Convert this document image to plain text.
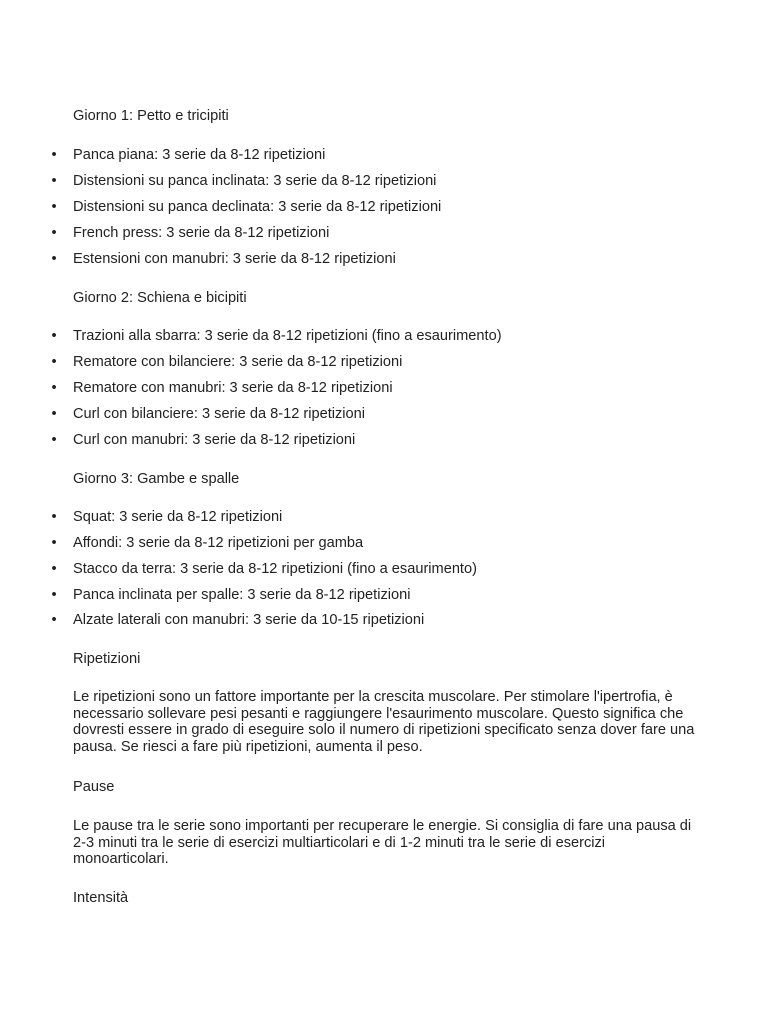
Giorno 1: Petto e tricipiti
• Panca piana: 3 serie da 8-12 ripetizioni
• Distensioni su panca inclinata: 3 serie da 8-12 ripetizioni
• Distensioni su panca declinata: 3 serie da 8-12 ripetizioni
• French press: 3 serie da 8-12 ripetizioni
• Estensioni con manubri: 3 serie da 8-12 ripetizioni
Giorno 2: Schiena e bicipiti
• Trazioni alla sbarra: 3 serie da 8-12 ripetizioni (fino a esaurimento)
• Rematore con bilanciere: 3 serie da 8-12 ripetizioni
• Rematore con manubri: 3 serie da 8-12 ripetizioni
• Curl con bilanciere: 3 serie da 8-12 ripetizioni
• Curl con manubri: 3 serie da 8-12 ripetizioni
Giorno 3: Gambe e spalle
• Squat: 3 serie da 8-12 ripetizioni
• Affondi: 3 serie da 8-12 ripetizioni per gamba
• Stacco da terra: 3 serie da 8-12 ripetizioni (fino a esaurimento)
• Panca inclinata per spalle: 3 serie da 8-12 ripetizioni
• Alzate laterali con manubri: 3 serie da 10-15 ripetizioni
Ripetizioni
Le ripetizioni sono un fattore importante per la crescita muscolare. Per stimolare l'ipertrofia, è necessario sollevare pesi pesanti e raggiungere l'esaurimento muscolare. Questo significa che dovresti essere in grado di eseguire solo il numero di ripetizioni specificato senza dover fare una pausa. Se riesci a fare più ripetizioni, aumenta il peso.
Pause
Le pause tra le serie sono importanti per recuperare le energie. Si consiglia di fare una pausa di 2-3 minuti tra le serie di esercizi multiarticolari e di 1-2 minuti tra le serie di esercizi monoarticolari.
Intensità
